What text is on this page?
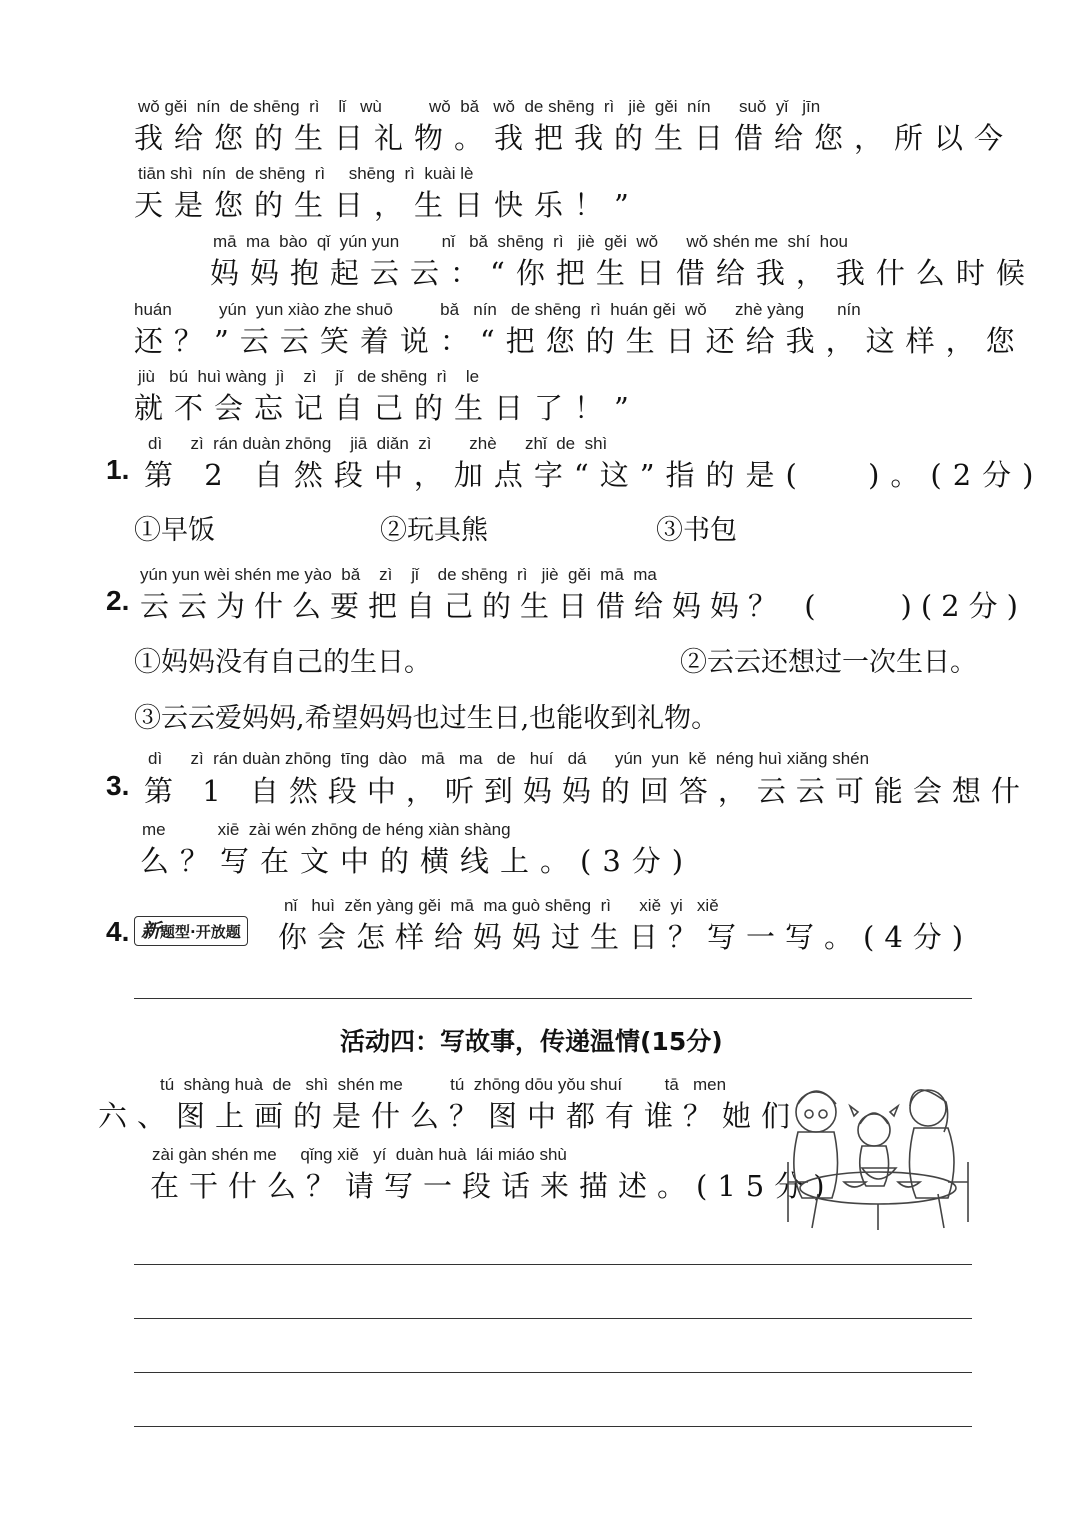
wǒ gěi  nín  de shēng  rì    lǐ   wù          wǒ  bǎ   wǒ  de shēng  rì   jiè  gěi  nín      suǒ  yǐ   jīn
我给您的生日礼物。我把我的生日借给您，所以今
tiān shì  nín  de shēng  rì     shēng  rì  kuài lè
天是您的生日，生日快乐！”
mā  ma  bào  qǐ  yún yun         nǐ   bǎ  shēng  rì   jiè  gěi  wǒ      wǒ shén me  shí  hou
妈妈抱起云云：“你把生日借给我，我什么时候
huán          yún  yun xiào zhe shuō          bǎ   nín   de shēng  rì  huán gěi  wǒ      zhè yàng       nín
还？”云云笑着说：“把您的生日还给我，这样，您
jiù   bú  huì wàng  jì    zì    jǐ   de shēng  rì    le
就不会忘记自己的生日了！”
dì      zì  rán duàn zhōng    jiā  diǎn  zì        zhè      zhǐ  de  shì
1. 第 2 自然段中，加点字“这”指的是(　 )。(2分)
①早饭	②玩具熊	③书包
yún yun wèi shén me yào  bǎ    zì    jǐ    de shēng  rì   jiè  gěi  mā  ma
2. 云云为什么要把自己的生日借给妈妈？ (　　)(2分)
①妈妈没有自己的生日。	②云云还想过一次生日。
③云云爱妈妈,希望妈妈也过生日,也能收到礼物。
dì      zì  rán duàn zhōng  tīng  dào   mā   ma   de   huí   dá      yún  yun  kě  néng huì xiǎng shén
3. 第 1 自然段中，听到妈妈的回答，云云可能会想什
me           xiē  zài wén zhōng de héng xiàn shàng
么？写在文中的横线上。(3分)
nǐ   huì  zěn yàng gěi  mā  ma guò shēng  rì      xiě  yi   xiě
4. 新题型·开放题 你会怎样给妈妈过生日？写一写。(4分)
活动四：写故事，传递温情(15分)
tú  shàng huà  de   shì  shén me          tú  zhōng dōu yǒu shuí         tā   men
六、图上画的是什么？图中都有谁？她们
zài gàn shén me     qǐng xiě   yí  duàn huà  lái miáo shù
在干什么？请写一段话来描述。(15分)
